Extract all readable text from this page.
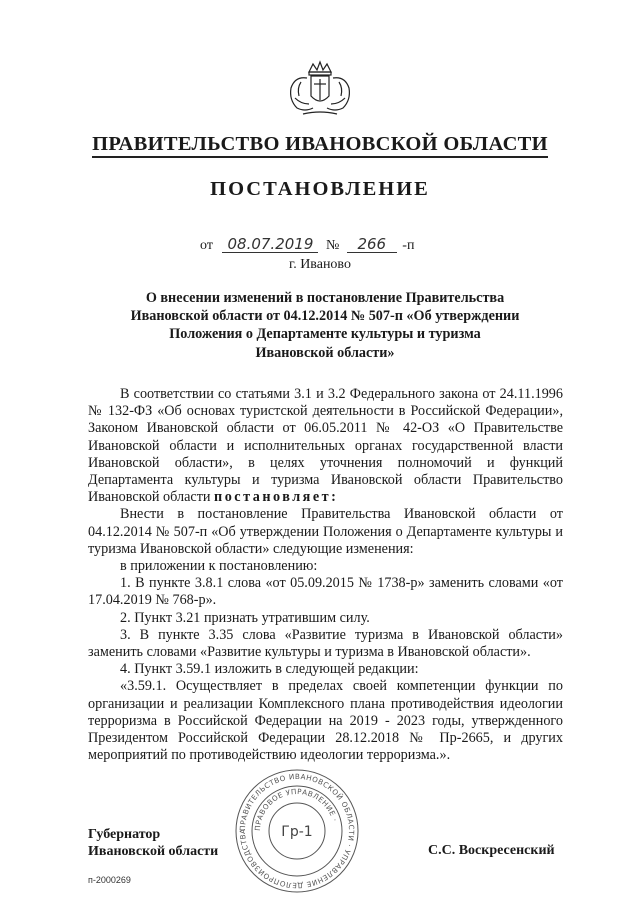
ПРАВИТЕЛЬСТВО ИВАНОВСКОЙ ОБЛАСТИ
ПОСТАНОВЛЕНИЕ
от 08.07.2019 № 266 -п
г. Иваново
О внесении изменений в постановление Правительства
Ивановской области от 04.12.2014 № 507-п «Об утверждении
Положения о Департаменте культуры и туризма
Ивановской области»

В соответствии со статьями 3.1 и 3.2 Федерального закона от 24.11.1996 № 132-ФЗ «Об основах туристской деятельности в Российской Федерации», Законом Ивановской области от 06.05.2011 № 42-ОЗ «О Правительстве Ивановской области и исполнительных органах государственной власти Ивановской области», в целях уточнения полномочий и функций Департамента культуры и туризма Ивановской области Правительство Ивановской области постановляет:

Внести в постановление Правительства Ивановской области от 04.12.2014 № 507-п «Об утверждении Положения о Департаменте культуры и туризма Ивановской области» следующие изменения:

в приложении к постановлению:

1. В пункте 3.8.1 слова «от 05.09.2015 № 1738-р» заменить словами «от 17.04.2019 № 768-р».

2. Пункт 3.21 признать утратившим силу.

3. В пункте 3.35 слова «Развитие туризма в Ивановской области» заменить словами «Развитие культуры и туризма в Ивановской области».

4. Пункт 3.59.1 изложить в следующей редакции:

«3.59.1. Осуществляет в пределах своей компетенции функции по организации и реализации Комплексного плана противодействия идеологии терроризма в Российской Федерации на 2019 - 2023 годы, утвержденного Президентом Российской Федерации 28.12.2018 № Пр-2665, и других мероприятий по противодействию идеологии терроризма.».

ПРАВИТЕЛЬСТВО ИВАНОВСКОЙ ОБЛАСТИ · УПРАВЛЕНИЕ ДЕЛОПРОИЗВОДСТВА ПРАВОВОЕ УПРАВЛЕНИЕ ·
Гр-1
Губернатор
Ивановской области	С.С. Воскресенский
п-2000269
